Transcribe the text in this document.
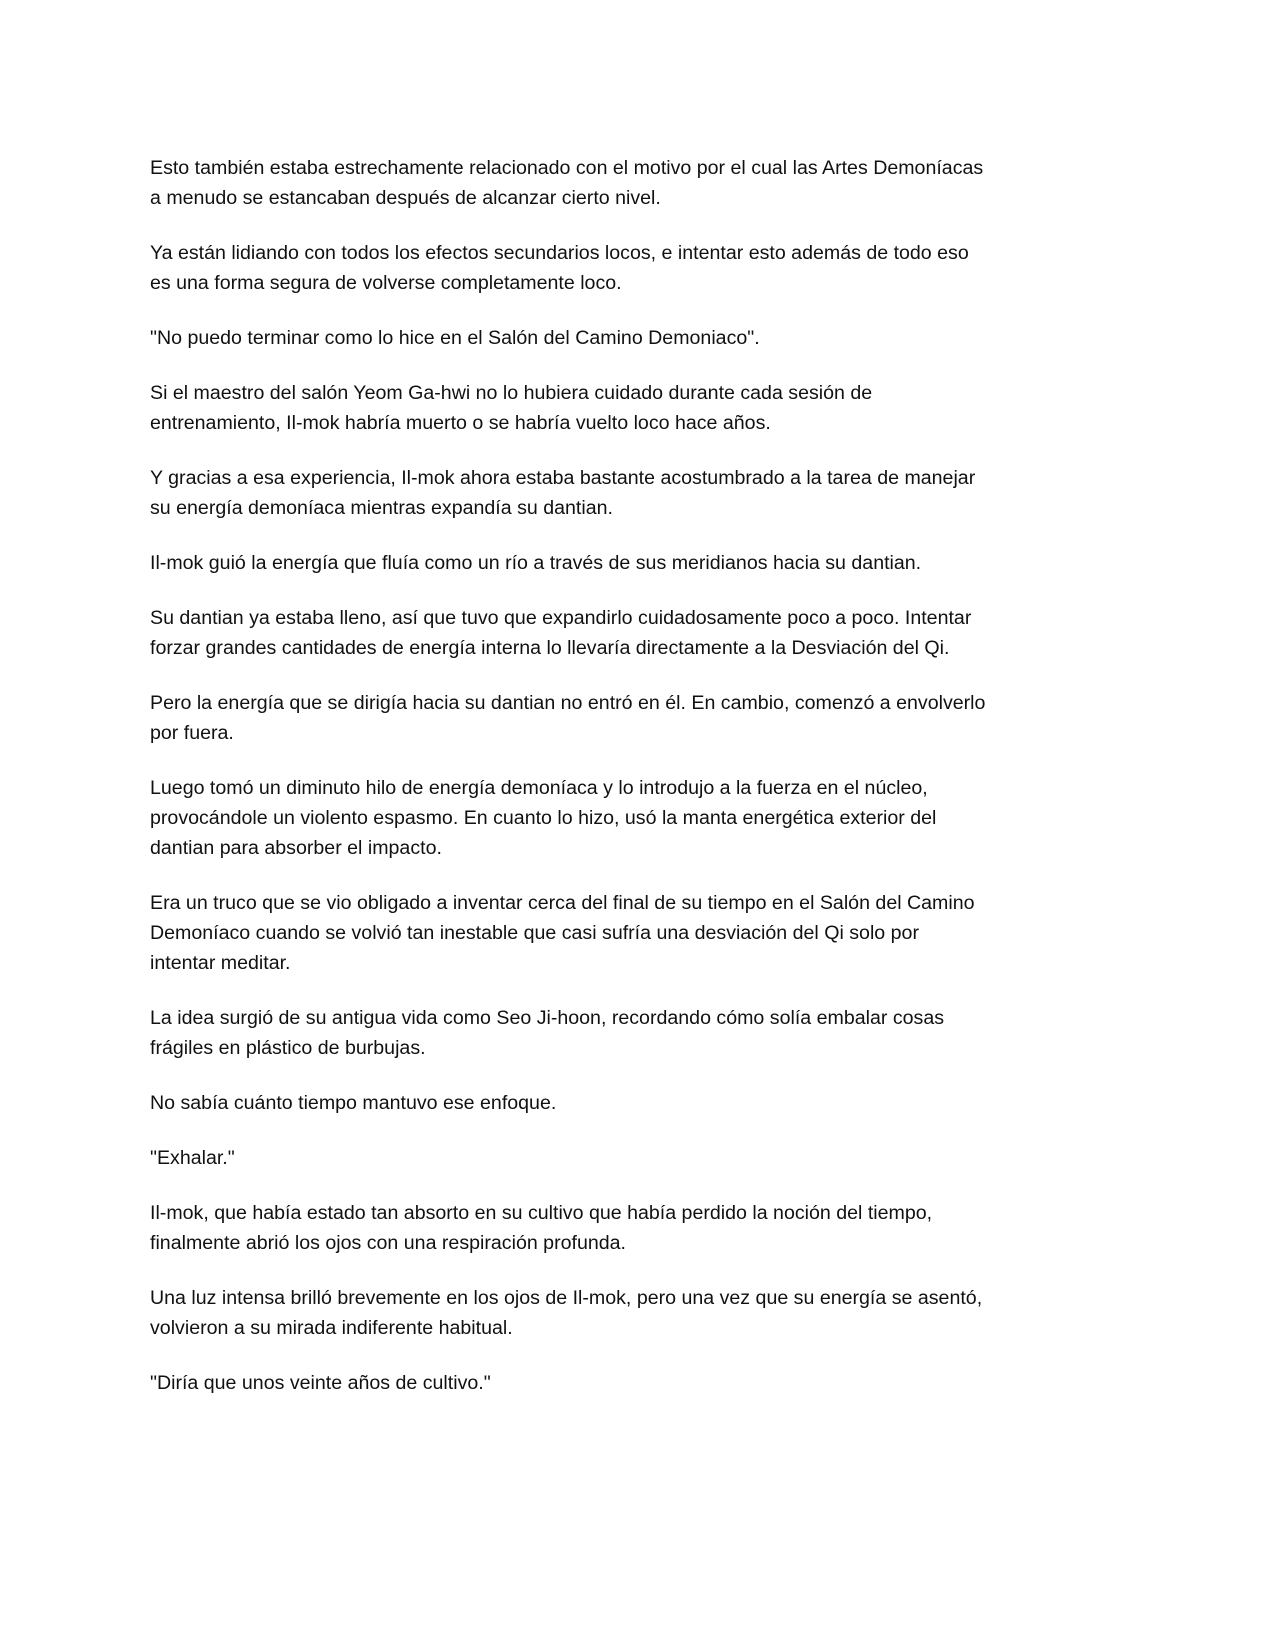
Esto también estaba estrechamente relacionado con el motivo por el cual las Artes Demoníacas
a menudo se estancaban después de alcanzar cierto nivel.

Ya están lidiando con todos los efectos secundarios locos, e intentar esto además de todo eso
es una forma segura de volverse completamente loco.

"No puedo terminar como lo hice en el Salón del Camino Demoniaco".

Si el maestro del salón Yeom Ga-hwi no lo hubiera cuidado durante cada sesión de
entrenamiento, Il-mok habría muerto o se habría vuelto loco hace años.

Y gracias a esa experiencia, Il-mok ahora estaba bastante acostumbrado a la tarea de manejar
su energía demoníaca mientras expandía su dantian.

Il-mok guió la energía que fluía como un río a través de sus meridianos hacia su dantian.

Su dantian ya estaba lleno, así que tuvo que expandirlo cuidadosamente poco a poco. Intentar
forzar grandes cantidades de energía interna lo llevaría directamente a la Desviación del Qi.

Pero la energía que se dirigía hacia su dantian no entró en él. En cambio, comenzó a envolverlo
por fuera.

Luego tomó un diminuto hilo de energía demoníaca y lo introdujo a la fuerza en el núcleo,
provocándole un violento espasmo. En cuanto lo hizo, usó la manta energética exterior del
dantian para absorber el impacto.

Era un truco que se vio obligado a inventar cerca del final de su tiempo en el Salón del Camino
Demoníaco cuando se volvió tan inestable que casi sufría una desviación del Qi solo por
intentar meditar.

La idea surgió de su antigua vida como Seo Ji-hoon, recordando cómo solía embalar cosas
frágiles en plástico de burbujas.

No sabía cuánto tiempo mantuvo ese enfoque.

"Exhalar."

Il-mok, que había estado tan absorto en su cultivo que había perdido la noción del tiempo,
finalmente abrió los ojos con una respiración profunda.

Una luz intensa brilló brevemente en los ojos de Il-mok, pero una vez que su energía se asentó,
volvieron a su mirada indiferente habitual.

"Diría que unos veinte años de cultivo."
